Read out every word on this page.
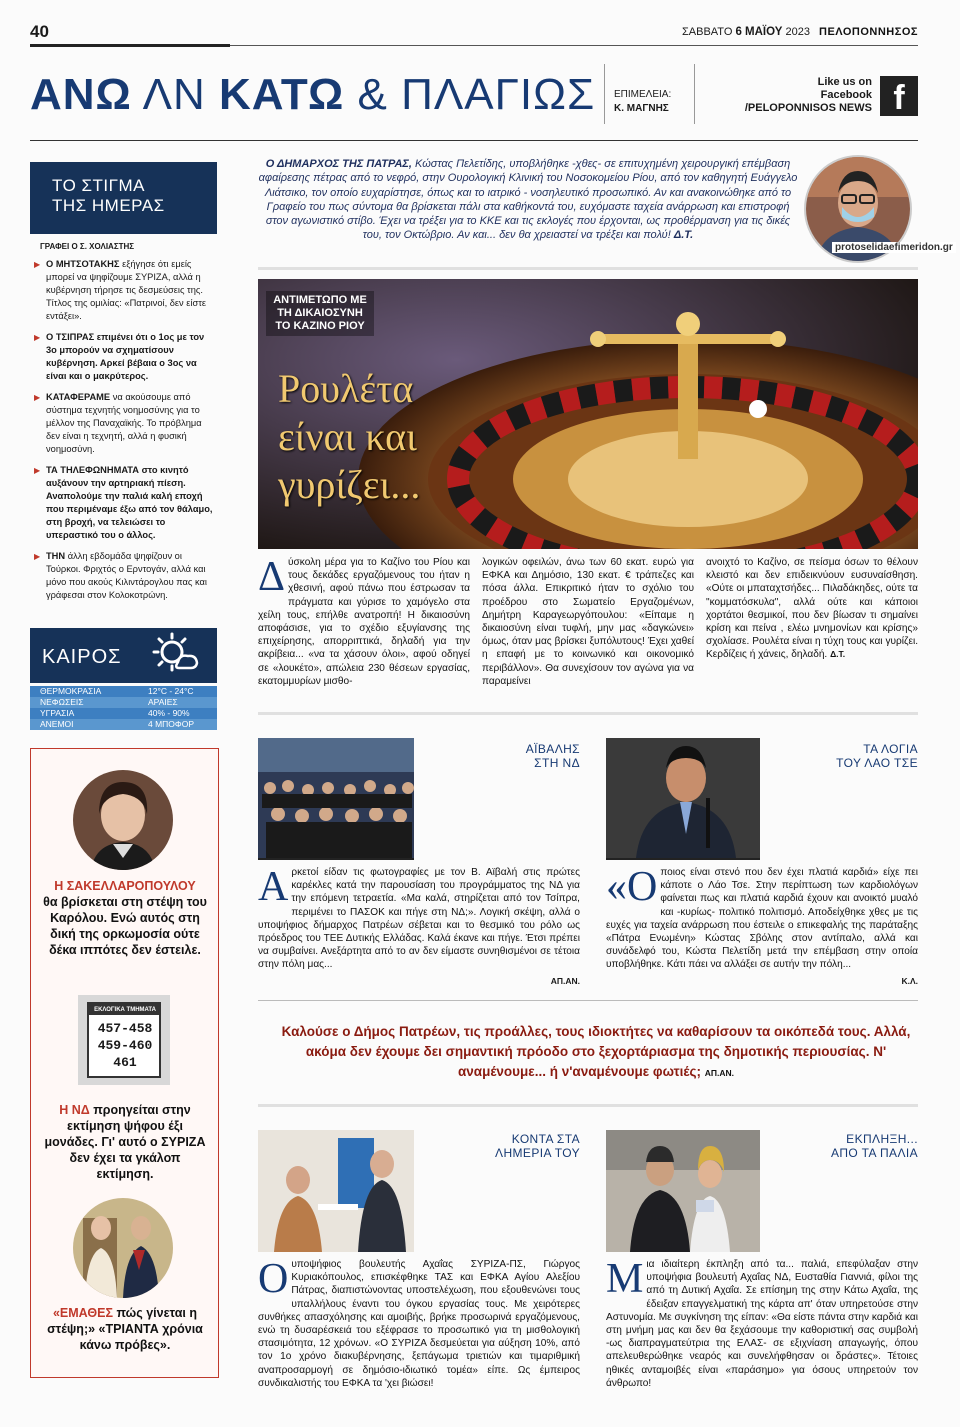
40	ΣΑΒΒΑΤΟ 6 ΜΑΪΟΥ 2023 ΠΕΛΟΠΟΝΝΗΣΟΣ
ΑΝΩ ΛΝ ΚΑΤΩ & ΠΛΑΓΙΩΣ ΕΠΙΜΕΛΕΙΑ:
Κ. ΜΑΓΝΗΣ
Like us on
Facebook
/PELOPONNISOS NEWS f
ΤΟ ΣΤΙΓΜΑ
ΤΗΣ ΗΜΕΡΑΣ
ΓΡΑΦΕΙ Ο Σ. ΧΟΛΙΑΣΤΗΣ
▶ Ο ΜΗΤΣΟΤΑΚΗΣ εξήγησε ότι εμείς μπορεί να ψηφίζουμε ΣΥΡΙΖΑ, αλλά η κυβέρνηση τήρησε τις δεσμεύσεις της. Τίτλος της ομιλίας: «Πατρινοί, δεν είστε εντάξει».
▶ Ο ΤΣΙΠΡΑΣ επιμένει ότι ο 1ος με τον 3ο μπορούν να σχηματίσουν κυβέρνηση. Αρκεί βέβαια ο 3ος να είναι και ο μακρύτερος.
▶ ΚΑΤΑΦΕΡΑΜΕ να ακούσουμε από σύστημα τεχνητής νοημοσύνης για το μέλλον της Παναχαϊκής. Το πρόβλημα δεν είναι η τεχνητή, αλλά η φυσική νοημοσύνη.
▶ ΤΑ ΤΗΛΕΦΩΝΗΜΑΤΑ στο κινητό αυξάνουν την αρτηριακή πίεση. Αναπολούμε την παλιά καλή εποχή που περιμέναμε έξω από τον θάλαμο, στη βροχή, να τελειώσει το υπεραστικό του ο άλλος.
▶ ΤΗΝ άλλη εβδομάδα ψηφίζουν οι Τούρκοι. Φριχτός ο Ερντογάν, αλλά και μόνο που ακούς Κιλιντάρογλου πας και γράφεσαι στον Κολοκοτρώνη.
ΚΑΙΡΟΣ
ΘΕΡΜΟΚΡΑΣΙΑ	12°C - 24°C
ΝΕΦΩΣΕΙΣ	ΑΡΑΙΕΣ
ΥΓΡΑΣΙΑ	40% - 90%
ΑΝΕΜΟΙ	4 ΜΠΟΦΟΡ
Η ΣΑΚΕΛΛΑΡΟΠΟΥΛΟΥ
θα βρίσκεται στη στέψη του Καρόλου. Ενώ αυτός στη δική της ορκωμοσία ούτε δέκα ιππότες δεν έστειλε.
ΕΚΛΟΓΙΚΑ ΤΜΗΜΑΤΑ
457-458
459-460
461
Η ΝΔ προηγείται στην εκτίμηση ψήφου έξι μονάδες. Γι' αυτό ο ΣΥΡΙΖΑ δεν έχει τα γκάλοπ εκτίμηση.
«ΕΜΑΘΕΣ πώς γίνεται η στέψη;» «ΤΡΙΑΝΤΑ χρόνια κάνω πρόβες».
Ο ΔΗΜΑΡΧΟΣ ΤΗΣ ΠΑΤΡΑΣ, Κώστας Πελετίδης, υποβλήθηκε -χθες- σε επιτυχημένη χειρουργική επέμβαση αφαίρεσης πέτρας από το νεφρό, στην Ουρολογική Κλινική του Νοσοκομείου Ρίου, από τον καθηγητή Ευάγγελο Λιάτσικο, τον οποίο ευχαρίστησε, όπως και το ιατρικό - νοσηλευτικό προσωπικό. Αν και ανακοινώθηκε από το Γραφείο του πως σύντομα θα βρίσκεται πάλι στα καθήκοντά του, ευχόμαστε ταχεία ανάρρωση και επιστροφή στον αγωνιστικό στίβο. Έχει να τρέξει για το ΚΚΕ και τις εκλογές που έρχονται, ως προθέρμανση για τις δικές του, τον Οκτώβριο. Αν και... δεν θα χρειαστεί να τρέξει και πολύ! Δ.Τ.
protoselidaefimeridon.gr
ΑΝΤΙΜΕΤΩΠΟ ΜΕ ΤΗ ΔΙΚΑΙΟΣΥΝΗ ΤΟ ΚΑΖΙΝΟ ΡΙΟΥ
Ρουλέτα
είναι και
γυρίζει...
Δύσκολη μέρα για το Καζίνο του Ρίου και τους δεκάδες εργαζόμενους του ήταν η χθεσινή, αφού πάνω που έστρωσαν τα πράγματα και γύρισε το χαμόγελο στα χείλη τους, επήλθε ανατροπή! Η δικαιοσύνη αποφάσισε, για το σχέδιο εξυγίανσης της επιχείρησης, απορριπτικά, δηλαδή για την ακρίβεια... «να τα χάσουν όλοι», αφού οδηγεί σε «λουκέτο», απώλεια 230 θέσεων εργασίας, εκατομμυρίων μισθο-
λογικών οφειλών, άνω των 60 εκατ. ευρώ για ΕΦΚΑ και Δημόσιο, 130 εκατ. € τράπεζες και πόσα άλλα. Επικριτικό ήταν το σχόλιο του προέδρου στο Σωματείο Εργαζομένων, Δημήτρη Καραγεωργόπουλου: «Είπαμε η δικαιοσύνη είναι τυφλή, μην μας «δαγκώνει» όμως, όταν μας βρίσκει ξυπόλυτους! Έχει χαθεί η επαφή με το κοινωνικό και οικονομικό περιβάλλον». Θα συνεχίσουν τον αγώνα για να παραμείνει
ανοιχτό το Καζίνο, σε πείσμα όσων το θέλουν κλειστό και δεν επιδεικνύουν ευσυναίσθηση. «Ούτε οι μπαταχτσήδες... Πιλαδάκηδες, ούτε τα "κομματόσκυλα", αλλά ούτε και κάποιοι χορτάτοι θεσμικοί, που δεν βίωσαν τι σημαίνει κρίση και πείνα , ελέω μνημονίων και κρίσης» σχολίασε. Ρουλέτα είναι η τύχη τους και γυρίζει. Κερδίζεις ή χάνεις, δηλαδή. Δ.Τ.
ΑΪΒΑΛΗΣ
ΣΤΗ ΝΔ
Αρκετοί είδαν τις φωτογραφίες με τον Β. Αϊβαλή στις πρώτες καρέκλες κατά την παρουσίαση του προγράμματος της ΝΔ για την επόμενη τετραετία. «Μα καλά, στηρίζεται από τον Τσίπρα, περιμένει το ΠΑΣΟΚ και πήγε στη ΝΔ;». Λογική σκέψη, αλλά ο υποψήφιος δήμαρχος Πατρέων σέβεται και το θεσμικό του ρόλο ως πρόεδρος του ΤΕΕ Δυτικής Ελλάδας. Καλά έκανε και πήγε. Έτσι πρέπει να συμβαίνει. Ανεξάρτητα από το αν δεν είμαστε συνηθισμένοι σε τέτοια στην πόλη μας...
ΑΠ.ΑΝ.
ΤΑ ΛΟΓΙΑ
ΤΟΥ ΛΑΟ ΤΣΕ
«Οποιος είναι στενό που δεν έχει πλατιά καρδιά» είχε πει κάποτε ο Λάο Τσε. Στην περίπτωση των καρδιολόγων φαίνεται πως και πλατιά καρδιά έχουν και ανοικτό μυαλό και -κυρίως- πολιτικό πολιτισμό. Αποδείχθηκε χθες με τις ευχές για ταχεία ανάρρωση που έστειλε ο επικεφαλής της παράταξης «Πάτρα Ενωμένη» Κώστας Σβόλης στον αντίπαλο, αλλά και συνάδελφό του, Κώστα Πελετίδη μετά την επέμβαση στην οποία υποβλήθηκε. Κάτι πάει να αλλάξει σε αυτήν την πόλη...
Κ.Λ.
Καλούσε ο Δήμος Πατρέων, τις προάλλες, τους ιδιοκτήτες να καθαρίσουν τα οικόπεδά τους. Αλλά, ακόμα δεν έχουμε δει σημαντική πρόοδο στο ξεχορτάριασμα της δημοτικής περιουσίας. Ν' αναμένουμε... ή ν'αναμένουμε φωτιές; ΑΠ.ΑΝ.
ΚΟΝΤΑ ΣΤΑ
ΛΗΜΕΡΙΑ ΤΟΥ
Ουποψήφιος βουλευτής Αχαΐας ΣΥΡΙΖΑ-ΠΣ, Γιώργος Κυριακόπουλος, επισκέφθηκε ΤΑΣ και ΕΦΚΑ Αγίου Αλεξίου Πάτρας, διαπιστώνοντας υποστελέχωση, που εξουθενώνει τους υπαλλήλους έναντι του όγκου εργασίας τους. Με χειρότερες συνθήκες απασχόλησης και αμοιβής, βρήκε προσωρινά εργαζόμενους, ενώ τη δυσαρέσκειά του εξέφρασε το προσωπικό για τη μισθολογική στασιμότητα, 12 χρόνων. «Ο ΣΥΡΙΖΑ δεσμεύεται για αύξηση 10%, από τον 1ο χρόνο διακυβέρνησης, ξεπάγωμα τριετιών και τιμαριθμική αναπροσαρμογή σε δημόσιο-ιδιωτικό τομέα» είπε. Ως έμπειρος συνδικαλιστής του ΕΦΚΑ τα 'χει βιώσει!
ΕΚΠΛΗΞΗ...
ΑΠΟ ΤΑ ΠΑΛΙΑ
Μια ιδιαίτερη έκπληξη από τα... παλιά, επεφύλαξαν στην υποψήφια βουλευτή Αχαΐας ΝΔ, Ευσταθία Γιαννιά, φίλοι της από τη Δυτική Αχαΐα. Σε επίσημη της στην Κάτω Αχαΐα, της έδειξαν επαγγελματική της κάρτα απ' όταν υπηρετούσε στην Αστυνομία. Με συγκίνηση της είπαν: «Θα είστε πάντα στην καρδιά και στη μνήμη μας και δεν θα ξεχάσουμε την καθοριστική σας συμβολή -ως διαπραγματεύτρια της ΕΛΑΣ- σε εξιχνίαση απαγωγής, όπου απελευθερώθηκε νεαρός και συνελήφθησαν οι δράστες». Τέτοιες ηθικές ανταμοιβές είναι «παράσημο» για όσους υπηρετούν τον άνθρωπο!
